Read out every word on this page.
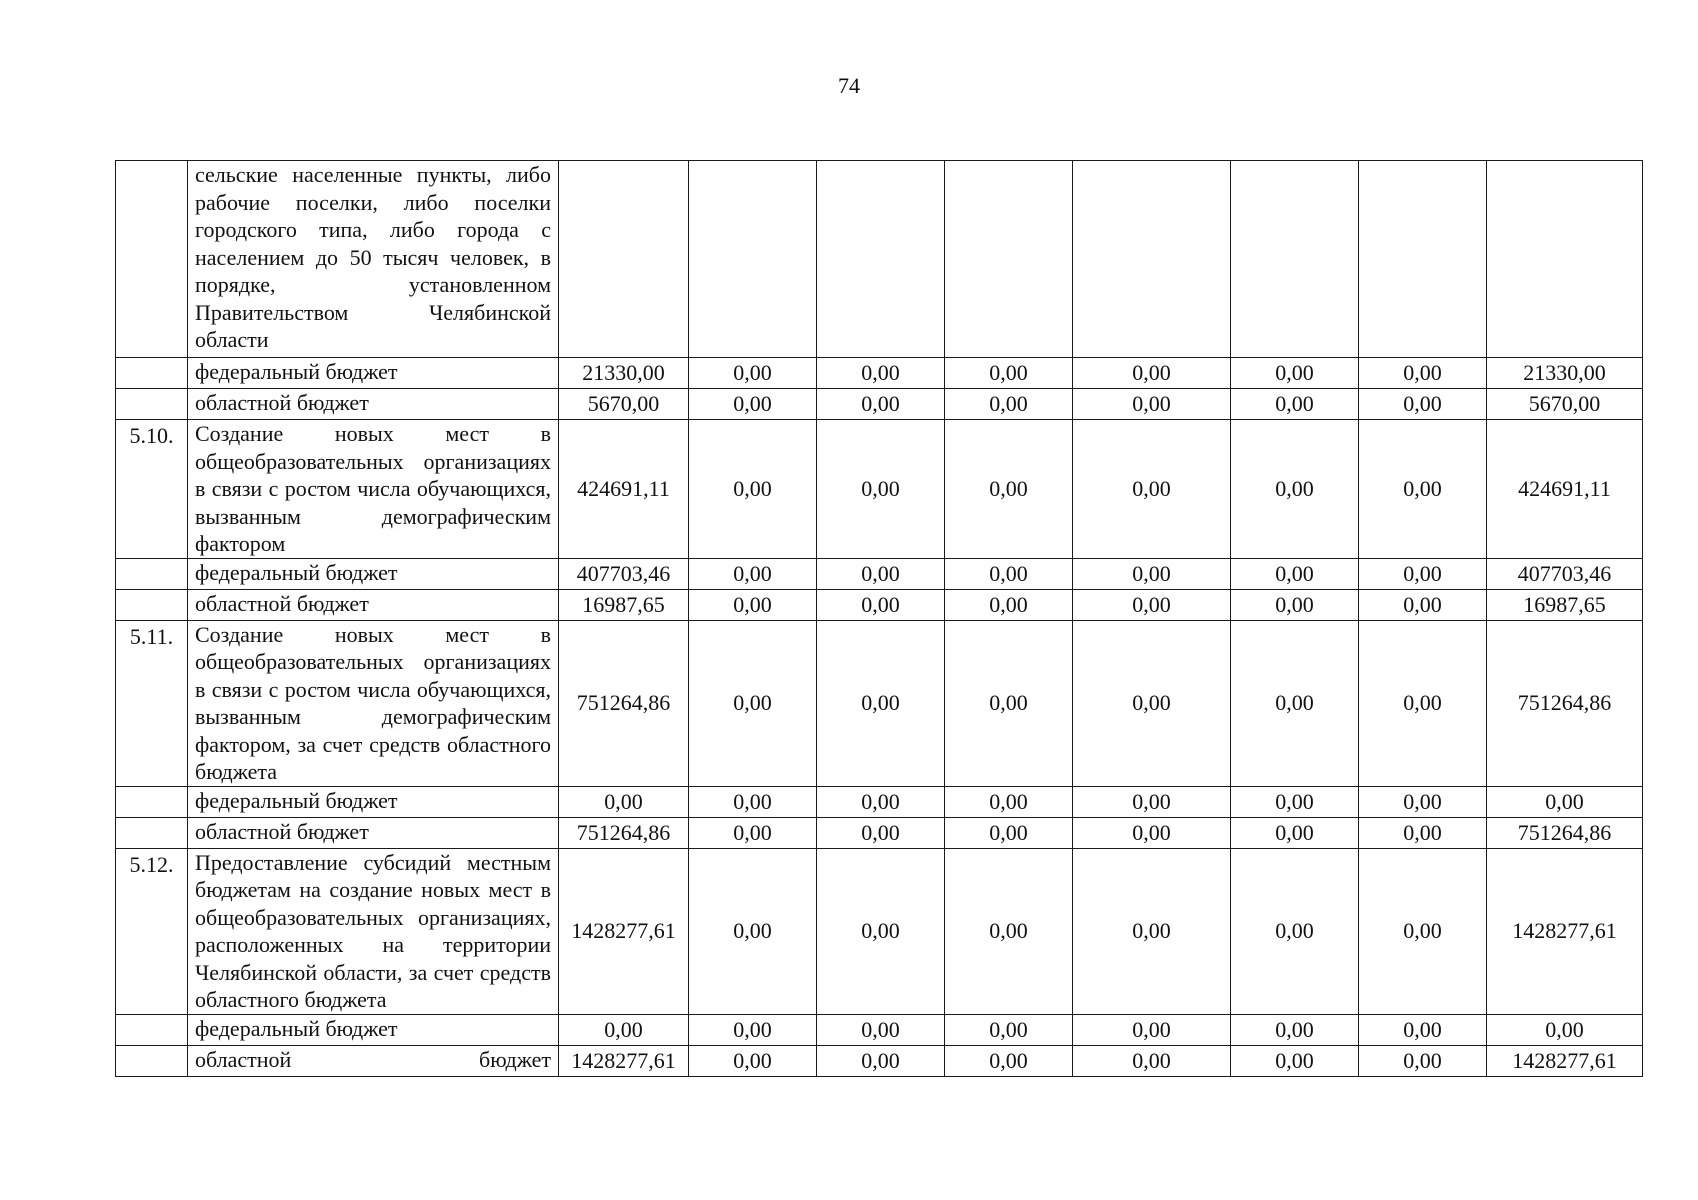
74
	сельские населенные пункты, либо рабочие поселки, либо поселки городского типа, либо города с населением до 50 тысяч человек, в порядке, установленном Правительством Челябинской области								
	федеральный бюджет	21330,00	0,00	0,00	0,00	0,00	0,00	0,00	21330,00
	областной бюджет	5670,00	0,00	0,00	0,00	0,00	0,00	0,00	5670,00
5.10.	Создание новых мест в общеобразовательных организациях в связи с ростом числа обучающихся, вызванным демографическим фактором	424691,11	0,00	0,00	0,00	0,00	0,00	0,00	424691,11
	федеральный бюджет	407703,46	0,00	0,00	0,00	0,00	0,00	0,00	407703,46
	областной бюджет	16987,65	0,00	0,00	0,00	0,00	0,00	0,00	16987,65
5.11.	Создание новых мест в общеобразовательных организациях в связи с ростом числа обучающихся, вызванным демографическим фактором, за счет средств областного бюджета	751264,86	0,00	0,00	0,00	0,00	0,00	0,00	751264,86
	федеральный бюджет	0,00	0,00	0,00	0,00	0,00	0,00	0,00	0,00
	областной бюджет	751264,86	0,00	0,00	0,00	0,00	0,00	0,00	751264,86
5.12.	Предоставление субсидий местным бюджетам на создание новых мест в общеобразовательных организациях, расположенных на территории Челябинской области, за счет средств областного бюджета	1428277,61	0,00	0,00	0,00	0,00	0,00	0,00	1428277,61
	федеральный бюджет	0,00	0,00	0,00	0,00	0,00	0,00	0,00	0,00
	областной бюджет	1428277,61	0,00	0,00	0,00	0,00	0,00	0,00	1428277,61
